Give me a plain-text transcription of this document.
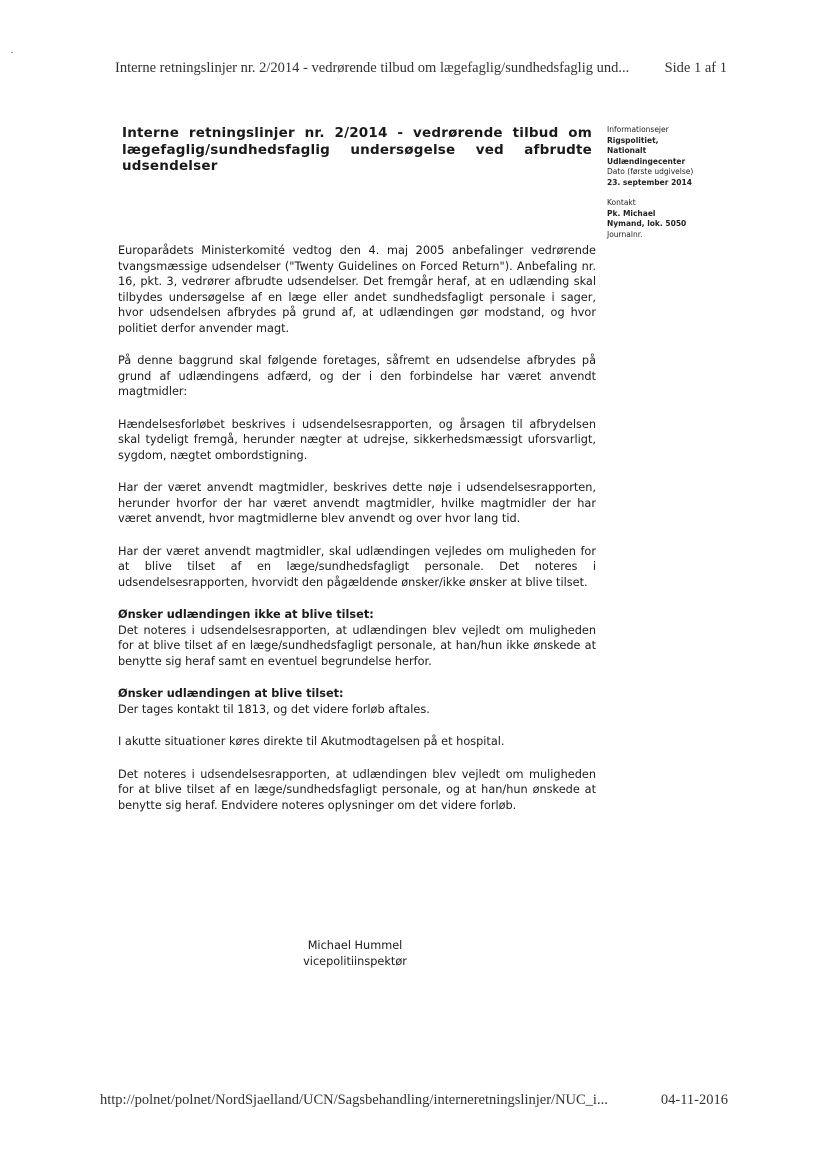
·
Interne retningslinjer nr. 2/2014 - vedrørende tilbud om lægefaglig/sundhedsfaglig und... Side 1 af 1
Interne retningslinjer nr. 2/2014 - vedrørende tilbud om lægefaglig/sundhedsfaglig undersøgelse ved afbrudte udsendelser
Informationsejer
Rigspolitiet,
Nationalt
Udlændingecenter
Dato (første udgivelse)
23. september 2014
Kontakt
Pk. Michael
Nymand, lok. 5050
Journalnr.

Europarådets Ministerkomité vedtog den 4. maj 2005 anbefalinger vedrørende tvangsmæssige udsendelser ("Twenty Guidelines on Forced Return"). Anbefaling nr. 16, pkt. 3, vedrører afbrudte udsendelser. Det fremgår heraf, at en udlænding skal tilbydes undersøgelse af en læge eller andet sundhedsfagligt personale i sager, hvor udsendelsen afbrydes på grund af, at udlændingen gør modstand, og hvor politiet derfor anvender magt.

På denne baggrund skal følgende foretages, såfremt en udsendelse afbrydes på grund af udlændingens adfærd, og der i den forbindelse har været anvendt magtmidler:

Hændelsesforløbet beskrives i udsendelsesrapporten, og årsagen til afbrydelsen skal tydeligt fremgå, herunder nægter at udrejse, sikkerhedsmæssigt uforsvarligt, sygdom, nægtet ombordstigning.

Har der været anvendt magtmidler, beskrives dette nøje i udsendelsesrapporten, herunder hvorfor der har været anvendt magtmidler, hvilke magtmidler der har været anvendt, hvor magtmidlerne blev anvendt og over hvor lang tid.

Har der været anvendt magtmidler, skal udlændingen vejledes om muligheden for at blive tilset af en læge/sundhedsfagligt personale. Det noteres i udsendelsesrapporten, hvorvidt den pågældende ønsker/ikke ønsker at blive tilset.

Ønsker udlændingen ikke at blive tilset:
Det noteres i udsendelsesrapporten, at udlændingen blev vejledt om muligheden for at blive tilset af en læge/sundhedsfagligt personale, at han/hun ikke ønskede at benytte sig heraf samt en eventuel begrundelse herfor.

Ønsker udlændingen at blive tilset:
Der tages kontakt til 1813, og det videre forløb aftales.

I akutte situationer køres direkte til Akutmodtagelsen på et hospital.

Det noteres i udsendelsesrapporten, at udlændingen blev vejledt om muligheden for at blive tilset af en læge/sundhedsfagligt personale, og at han/hun ønskede at benytte sig heraf. Endvidere noteres oplysninger om det videre forløb.

Michael Hummel
vicepolitiinspektør
http://polnet/polnet/NordSjaelland/UCN/Sagsbehandling/interneretningslinjer/NUC_i...	04-11-2016
